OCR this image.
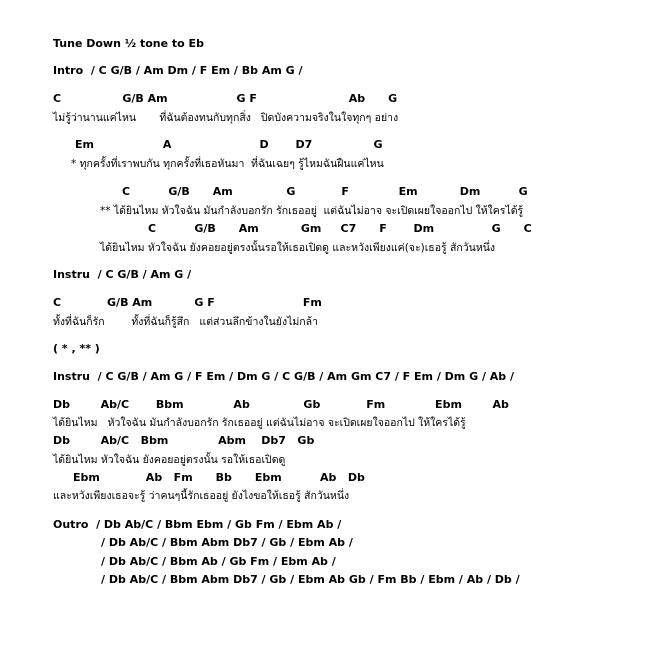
Tune Down ½ tone to Eb
Intro  / C G/B / Am Dm / F Em / Bb Am G /
C                G/B Am                  G F                        Ab      G
ไม่รู้ว่านานแค่ไหน       ที่ฉันต้องทนกับทุกสิ่ง   ปิดบังความจริงในใจทุกๆ อย่าง
Em                  A                       D       D7                G
* ทุกครั้งที่เราพบกัน ทุกครั้งที่เธอหันมา  ที่ฉันเฉยๆ รู้ไหมฉันฝืนแค่ไหน
C          G/B      Am              G            F             Em           Dm          G
** ได้ยินไหม หัวใจฉัน มันกำลังบอกรัก รักเธออยู่  แต่ฉันไม่อาจ จะเปิดเผยใจออกไป ให้ใครได้รู้
C          G/B      Am           Gm     C7      F       Dm               G      C
ได้ยินไหม หัวใจฉัน ยังคอยอยู่ตรงนั้นรอให้เธอเปิดดู และหวังเพียงแค่(จะ)เธอรู้ สักวันหนึ่ง
Instru  / C G/B / Am G /
C            G/B Am           G F                       Fm
ทั้งที่ฉันก็รัก        ทั้งที่ฉันก็รู้สึก   แต่ส่วนลึกข้างในยังไม่กล้า
( * , ** )
Instru  / C G/B / Am G / F Em / Dm G / C G/B / Am Gm C7 / F Em / Dm G / Ab /
Db        Ab/C       Bbm             Ab              Gb            Fm             Ebm        Ab
ได้ยินไหม   หัวใจฉัน มันกำลังบอกรัก รักเธออยู่ แต่ฉันไม่อาจ จะเปิดเผยใจออกไป ให้ใครได้รู้
Db        Ab/C   Bbm             Abm    Db7   Gb
ได้ยินไหม หัวใจฉัน ยังคอยอยู่ตรงนั้น รอให้เธอเปิดดู
Ebm            Ab   Fm      Bb      Ebm          Ab   Db
และหวังเพียงเธอจะรู้ ว่าคนๆนี้รักเธออยู่ ยังไงขอให้เธอรู้ สักวันหนึ่ง
Outro  / Db Ab/C / Bbm Ebm / Gb Fm / Ebm Ab /
/ Db Ab/C / Bbm Abm Db7 / Gb / Ebm Ab /
/ Db Ab/C / Bbm Ab / Gb Fm / Ebm Ab /
/ Db Ab/C / Bbm Abm Db7 / Gb / Ebm Ab Gb / Fm Bb / Ebm / Ab / Db /
